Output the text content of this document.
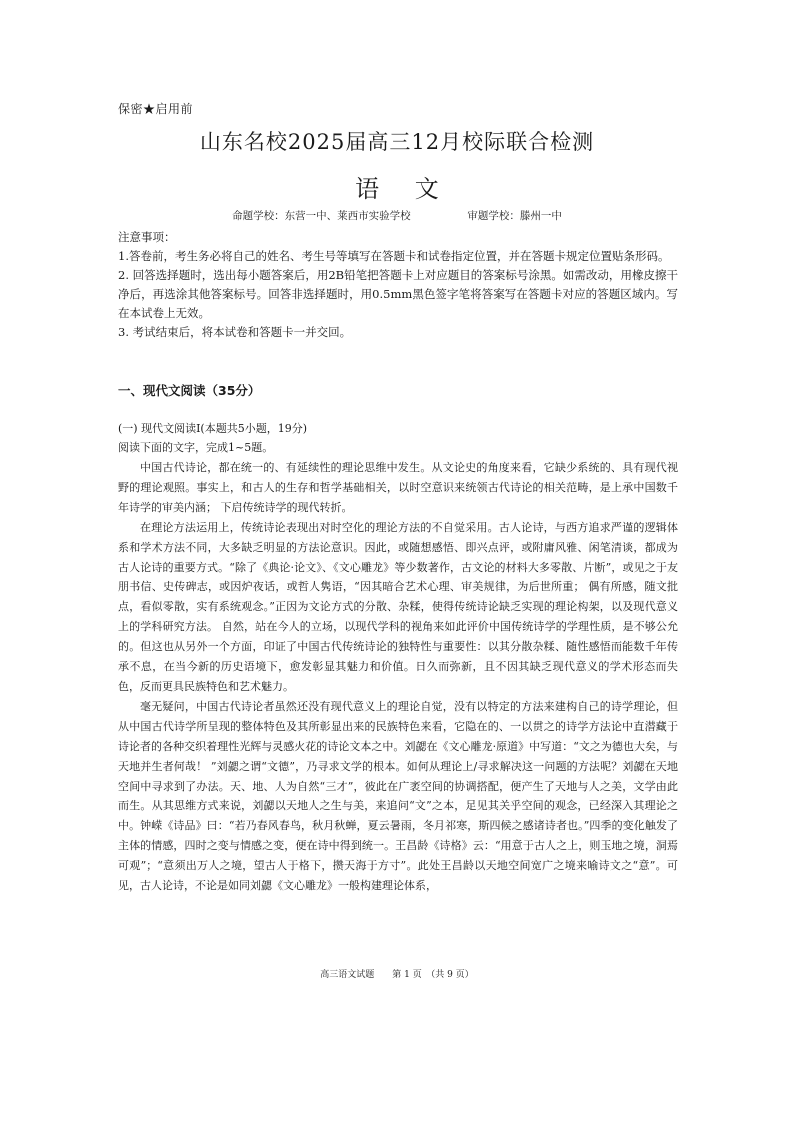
保密★启用前
山东名校2025届高三12月校际联合检测
语 文
命题学校：东营一中、莱西市实验学校	审题学校：滕州一中

注意事项：

1.答卷前，考生务必将自己的姓名、考生号等填写在答题卡和试卷指定位置，并在答题卡规定位置贴条形码。

2. 回答选择题时，选出每小题答案后，用2B铅笔把答题卡上对应题目的答案标号涂黑。如需改动，用橡皮擦干净后，再选涂其他答案标号。回答非选择题时，用0.5mm黑色签字笔将答案写在答题卡对应的答题区域内。写在本试卷上无效。

3. 考试结束后，将本试卷和答题卡一并交回。

一、现代文阅读（35分）

(一) 现代文阅读Ⅰ(本题共5小题，19分)

阅读下面的文字，完成1~5题。

中国古代诗论，都在统一的、有延续性的理论思维中发生。从文论史的角度来看，它缺少系统的、具有现代视野的理论观照。事实上，和古人的生存和哲学基础相关，以时空意识来统领古代诗论的相关范畴，是上承中国数千年诗学的审美内涵； 下启传统诗学的现代转折。

在理论方法运用上，传统诗论表现出对时空化的理论方法的不自觉采用。古人论诗，与西方追求严谨的逻辑体系和学术方法不同，大多缺乏明显的方法论意识。因此，或随想感悟、即兴点评，或附庸风雅、闲笔清谈，都成为古人论诗的重要方式。“除了《典论·论文》、《文心雕龙》等少数著作，古文论的材料大多零散、片断”，或见之于友朋书信、史传碑志，或因炉夜话，或哲人隽语，“因其暗合艺术心理、审美规律，为后世所重； 偶有所感，随文批点，看似零散，实有系统观念。”正因为文论方式的分散、杂糅，使得传统诗论缺乏实现的理论构架，以及现代意义上的学科研究方法。 自然，站在今人的立场，以现代学科的视角来如此评价中国传统诗学的学理性质，是不够公允的。但这也从另外一个方面，印证了中国古代传统诗论的独特性与重要性：以其分散杂糅、随性感悟而能数千年传承不息，在当今新的历史语境下，愈发彰显其魅力和价值。日久而弥新，且不因其缺乏现代意义的学术形态而失色，反而更具民族特色和艺术魅力。

毫无疑问，中国古代诗论者虽然还没有现代意义上的理论自觉，没有以特定的方法来建构自己的诗学理论，但从中国古代诗学所呈现的整体特色及其所彰显出来的民族特色来看，它隐在的、一以贯之的诗学方法论中直潜藏于诗论者的各种交织着理性光辉与灵感火花的诗论文本之中。刘勰在《文心雕龙·原道》中写道：“文之为德也大矣，与天地并生者何哉！ ”刘勰之谓“文德”，乃寻求文学的根本。如何从理论上/寻求解决这一问题的方法呢？刘勰在天地空间中寻求到了办法。天、地、人为自然“三才”，彼此在广袤空间的协调搭配，便产生了天地与人之美，文学由此而生。从其思维方式来说，刘勰以天地人之生与美，来追问“文”之本，足见其关乎空间的观念，已经深入其理论之中。钟嵘《诗品》曰：“若乃春风春鸟，秋月秋蝉，夏云暑雨，冬月祁寒，斯四候之感诸诗者也。”四季的变化触发了主体的情感，四时之变与情感之变，便在诗中得到统一。王昌龄《诗格》云：“用意于古人之上，则玉地之境，洞焉可观”；“意须出万人之境，望古人于格下，攒天海于方寸”。此处王昌龄以天地空间宽广之境来喻诗文之“意”。可见，古人论诗，不论是如同刘勰《文心雕龙》一般构建理论体系，

高三语文试题　　第 1 页　（共 9 页）
